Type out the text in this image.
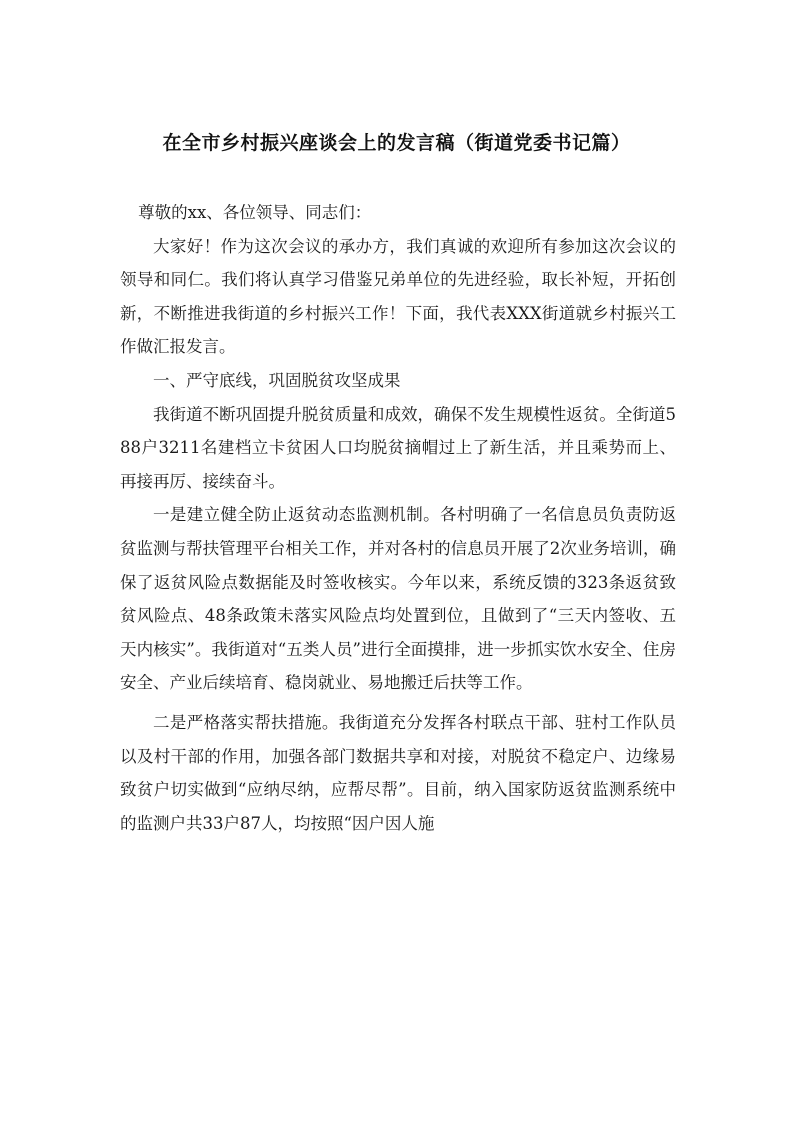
在全市乡村振兴座谈会上的发言稿（街道党委书记篇）

尊敬的xx、各位领导、同志们：

大家好！作为这次会议的承办方，我们真诚的欢迎所有参加这次会议的领导和同仁。我们将认真学习借鉴兄弟单位的先进经验，取长补短，开拓创新，不断推进我街道的乡村振兴工作！下面，我代表XXX街道就乡村振兴工作做汇报发言。

一、严守底线，巩固脱贫攻坚成果

我街道不断巩固提升脱贫质量和成效，确保不发生规模性返贫。全街道588户3211名建档立卡贫困人口均脱贫摘帽过上了新生活，并且乘势而上、再接再厉、接续奋斗。

一是建立健全防止返贫动态监测机制。各村明确了一名信息员负责防返贫监测与帮扶管理平台相关工作，并对各村的信息员开展了2次业务培训，确保了返贫风险点数据能及时签收核实。今年以来，系统反馈的323条返贫致贫风险点、48条政策未落实风险点均处置到位，且做到了“三天内签收、五天内核实”。我街道对“五类人员”进行全面摸排，进一步抓实饮水安全、住房安全、产业后续培育、稳岗就业、易地搬迁后扶等工作。

二是严格落实帮扶措施。我街道充分发挥各村联点干部、驻村工作队员以及村干部的作用，加强各部门数据共享和对接，对脱贫不稳定户、边缘易致贫户切实做到“应纳尽纳，应帮尽帮”。目前，纳入国家防返贫监测系统中的监测户共33户87人，均按照“因户因人施
